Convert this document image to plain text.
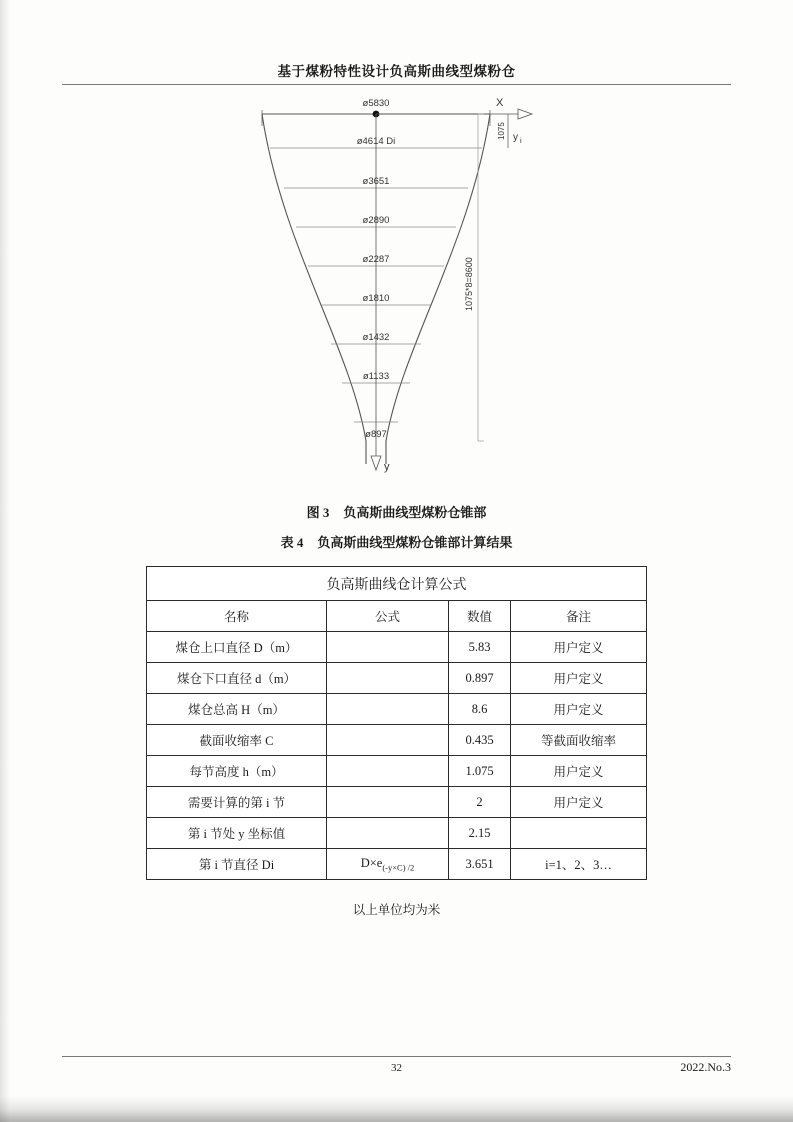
基于煤粉特性设计负高斯曲线型煤粉仓
X
y
y i
1075
1075*8=8600
ø5830
ø4614 Di
ø3651
ø2890
ø2287
ø1810
ø1432
ø1133
ø897
图 3 负高斯曲线型煤粉仓锥部
表 4 负高斯曲线型煤粉仓锥部计算结果
负高斯曲线仓计算公式			
名称	公式	数值	备注
煤仓上口直径 D（m）		5.83	用户定义
煤仓下口直径 d（m）		0.897	用户定义
煤仓总高 H（m）		8.6	用户定义
截面收缩率 C		0.435	等截面收缩率
每节高度 h（m）		1.075	用户定义
需要计算的第 i 节		2	用户定义
第 i 节处 y 坐标值		2.15	
第 i 节直径 Di	$D\times e_{(-y\times C) /2}$	3.651	i=1、2、3…
以上单位均为米
32	2022.No.3
